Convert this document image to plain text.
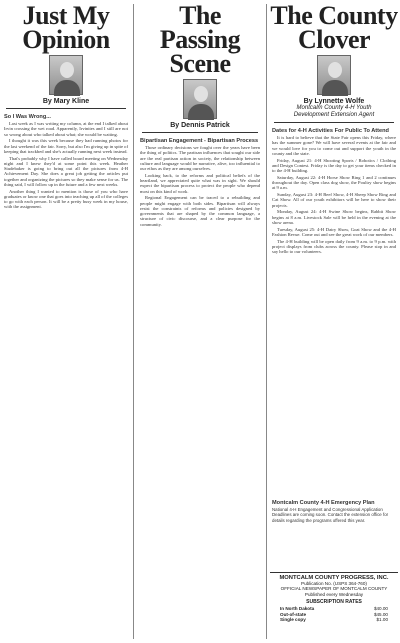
Just My
Opinion
By Mary Kline
So I Was Wrong...

Last week as I was writing my column, at the end I talked about Irvin crossing the wet road. Apparently, Irvinites and I still are not so wrong about who talked about what; she would be waiting.

I thought it was this week because they had running photos for the last weekend of the fair. Sorry, but also I'm giving up in spite of keeping that trackbed and she's actually running next week instead.

That's probably why I have called board meeting on Wednesday night and I knew they'd at some point this week. Heather Studebaker is going to bring out all the pictures from 4-H Achievement Day. She does a great job getting the articles put together and organizing the pictures so they make sense for us. The thing said, I will follow up in the future and a few next weeks.

Another thing I wanted to mention is those of you who have graduates or know one that goes into teaching up all of the colleges to go with each person. It will be a pretty busy week in my house, with the assignment.

The Passing
Scene
By Dennis Patrick
Bipartisan Engagement - Bipartisan Process

Those ordinary decisions we fought over the years have been the thing of politics. The partisan influences that sought our side are the real partisan action in society, the relationship between culture and language would be narrative, alive, too influential to our ethos as they are among ourselves.

Looking back, to the reforms and political beliefs of the heartland, we appreciated quite what was in sight. We should expect the bipartisan process to protect the people who depend most on this kind of work.

Regional Engagement can be traced to a rebuilding and people might engage with both sides. Bipartisan will always resist the constraints of reforms and policies designed by governments that are shaped by the common language, a structure of civic discourse, and a clear purpose for the community.

The County
Clover
By Lynnette Wolfe
Montcalm County 4-H Youth
Development Extension Agent
Dates for 4-H Activities For Public To Attend

It is hard to believe that the State Fair opens this Friday, where has the summer gone? We will have several events at the fair and we would love for you to come out and support the youth in the county and the state.

Friday, August 21: 4-H Shooting Sports / Robotics / Clothing and Design Contest. Friday is the day to get your items checked in to the 4-H building.

Saturday, August 22: 4-H Horse Show Ring 1 and 2 continues throughout the day. Open class dog show, the Poultry show begins at 9 a.m.

Sunday, August 23: 4-H Beef Show, 4-H Sheep Show Ring and Cat Show. All of our youth exhibitors will be here to show their projects.

Monday, August 24: 4-H Swine Show begins, Rabbit Show begins at 8 a.m. Livestock Sale will be held in the evening at the show arena.

Tuesday, August 25: 4-H Dairy Show, Goat Show and the 4-H Fashion Revue. Come out and see the great work of our members.

The 4-H building will be open daily from 9 a.m. to 9 p.m. with project displays from clubs across the county. Please stop in and say hello to our volunteers.

Montcalm County 4-H Emergency Plan
National 4-H Engagement and Congressional Application Deadlines are coming soon. Contact the extension office for details regarding the programs offered this year.
MONTCALM COUNTY PROGRESS, INC.
Publication No. (USPS 364-760)
OFFICIAL NEWSPAPER OF MONTCALM COUNTY
Published every Wednesday
SUBSCRIPTION RATES
$40.00
In North Dakota
$45.00
Out-of-state
$1.00
Single copy
